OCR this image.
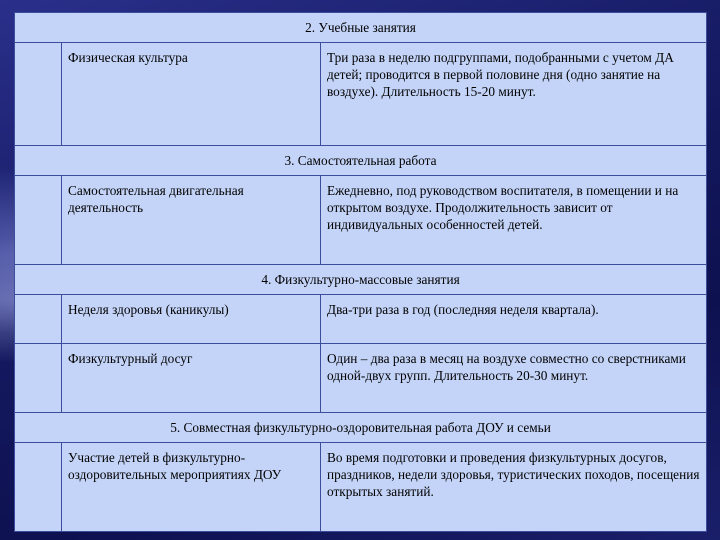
2. Учебные занятия		
	Физическая культура	Три раза в неделю подгруппами, подобранными с учетом ДА детей; проводится в первой половине дня (одно занятие на воздухе). Длительность 15-20 минут.
3. Самостоятельная работа		
	Самостоятельная двигательная деятельность	Ежедневно, под руководством воспитателя, в помещении и на открытом воздухе. Продолжительность зависит от индивидуальных особенностей детей.
4. Физкультурно-массовые занятия		
	Неделя здоровья (каникулы)	Два-три раза в год (последняя неделя квартала).
	Физкультурный досуг	Один – два раза в месяц на воздухе совместно со сверстниками одной-двух групп. Длительность 20-30 минут.
5. Совместная физкультурно-оздоровительная работа ДОУ и семьи		
	Участие детей в физкультурно-оздоровительных мероприятиях ДОУ	Во время подготовки и проведения физкультурных досугов, праздников, недели здоровья, туристических походов, посещения открытых занятий.
